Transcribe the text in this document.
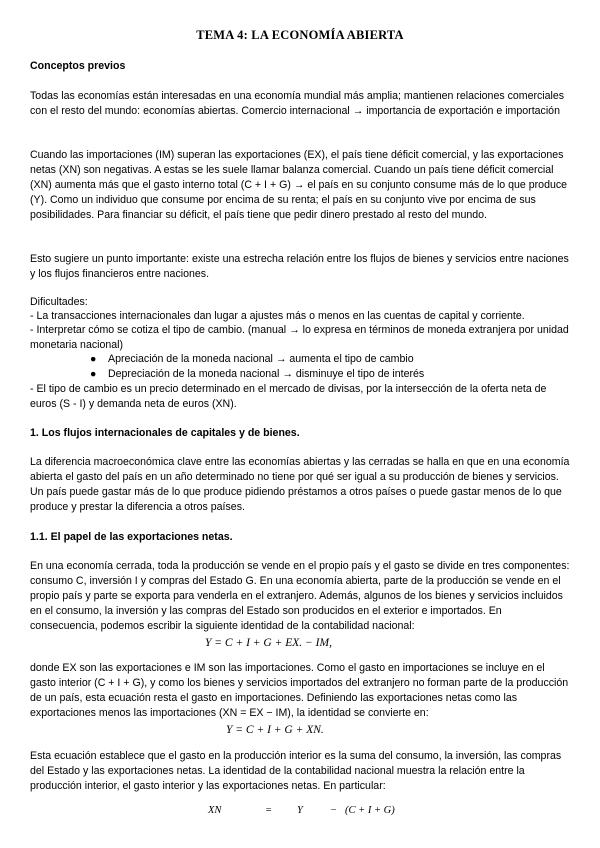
TEMA 4: LA ECONOMÍA ABIERTA

Conceptos previos

Todas las economías están interesadas en una economía mundial más amplia; mantienen relaciones comerciales con el resto del mundo: economías abiertas. Comercio internacional → importancia de exportación e importación

Cuando las importaciones (IM) superan las exportaciones (EX), el país tiene déficit comercial, y las exportaciones netas (XN) son negativas. A estas se les suele llamar balanza comercial. Cuando un país tiene déficit comercial (XN) aumenta más que el gasto interno total (C + I + G) → el país en su conjunto consume más de lo que produce (Y). Como un individuo que consume por encima de su renta; el país en su conjunto vive por encima de sus posibilidades. Para financiar su déficit, el país tiene que pedir dinero prestado al resto del mundo.

Esto sugiere un punto importante: existe una estrecha relación entre los flujos de bienes y servicios entre naciones y los flujos financieros entre naciones.

Dificultades:

- La transacciones internacionales dan lugar a ajustes más o menos en las cuentas de capital y corriente.

- Interpretar cómo se cotiza el tipo de cambio. (manual → lo expresa en términos de moneda extranjera por unidad monetaria nacional)

● Apreciación de la moneda nacional → aumenta el tipo de cambio
● Depreciación de la moneda nacional → disminuye el tipo de interés

- El tipo de cambio es un precio determinado en el mercado de divisas, por la intersección de la oferta neta de euros (S - I) y demanda neta de euros (XN).

1. Los flujos internacionales de capitales y de bienes.

La diferencia macroeconómica clave entre las economías abiertas y las cerradas se halla en que en una economía abierta el gasto del país en un año determinado no tiene por qué ser igual a su producción de bienes y servicios. Un país puede gastar más de lo que produce pidiendo préstamos a otros países o puede gastar menos de lo que produce y prestar la diferencia a otros países.

1.1. El papel de las exportaciones netas.

En una economía cerrada, toda la producción se vende en el propio país y el gasto se divide en tres componentes: consumo C, inversión I y compras del Estado G. En una economía abierta, parte de la producción se vende en el propio país y parte se exporta para venderla en el extranjero. Además, algunos de los bienes y servicios incluidos en el consumo, la inversión y las compras del Estado son producidos en el exterior e importados. En consecuencia, podemos escribir la siguiente identidad de la contabilidad nacional:

Y = C + I + G + EX. − IM,

donde EX son las exportaciones e IM son las importaciones. Como el gasto en importaciones se incluye en el gasto interior (C + I + G), y como los bienes y servicios importados del extranjero no forman parte de la producción de un país, esta ecuación resta el gasto en importaciones. Definiendo las exportaciones netas como las exportaciones menos las importaciones (XN = EX − IM), la identidad se convierte en:

Y = C + I + G + XN.

Esta ecuación establece que el gasto en la producción interior es la suma del consumo, la inversión, las compras del Estado y las exportaciones netas. La identidad de la contabilidad nacional muestra la relación entre la producción interior, el gasto interior y las exportaciones netas. En particular:

XN	= Y	− (C + I + G)
